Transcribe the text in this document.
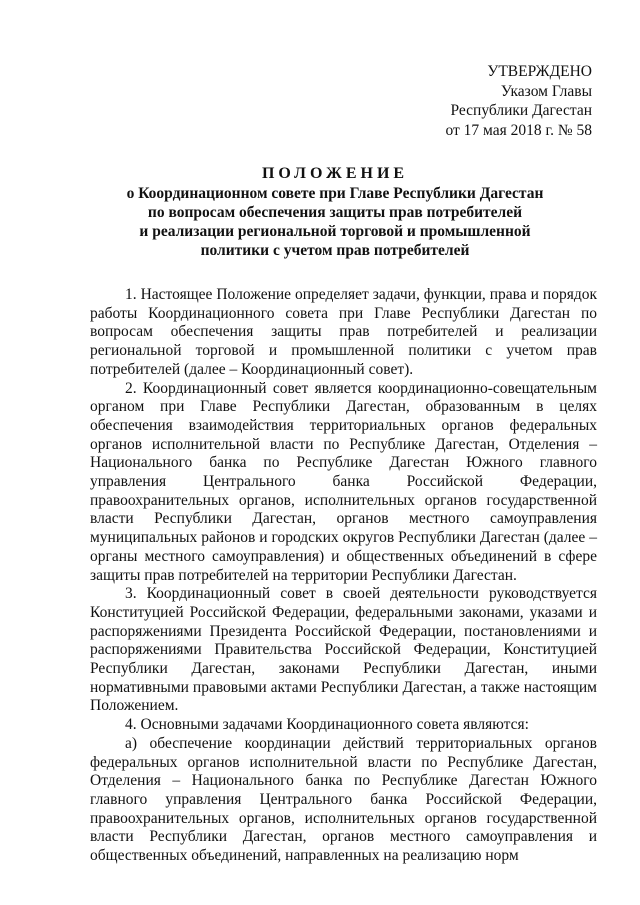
УТВЕРЖДЕНО
Указом Главы
Республики Дагестан
от 17 мая 2018 г. № 58
ПОЛОЖЕНИЕ
о Координационном совете при Главе Республики Дагестан
по вопросам обеспечения защиты прав потребителей
и реализации региональной торговой и промышленной
политики с учетом прав потребителей

1. Настоящее Положение определяет задачи, функции, права и порядок работы Координационного совета при Главе Республики Дагестан по вопросам обеспечения защиты прав потребителей и реализации региональной торговой и промышленной политики с учетом прав потребителей (далее – Координационный совет).

2. Координационный совет является координационно-совещательным органом при Главе Республики Дагестан, образованным в целях обеспечения взаимодействия территориальных органов федеральных органов исполнительной власти по Республике Дагестан, Отделения – Национального банка по Республике Дагестан Южного главного управления Центрального банка Российской Федерации, правоохранительных органов, исполнительных органов государственной власти Республики Дагестан, органов местного самоуправления муниципальных районов и городских округов Республики Дагестан (далее – органы местного самоуправления) и общественных объединений в сфере защиты прав потребителей на территории Республики Дагестан.

3. Координационный совет в своей деятельности руководствуется Конституцией Российской Федерации, федеральными законами, указами и распоряжениями Президента Российской Федерации, постановлениями и распоряжениями Правительства Российской Федерации, Конституцией Республики Дагестан, законами Республики Дагестан, иными нормативными правовыми актами Республики Дагестан, а также настоящим Положением.

4. Основными задачами Координационного совета являются:

а) обеспечение координации действий территориальных органов федеральных органов исполнительной власти по Республике Дагестан, Отделения – Национального банка по Республике Дагестан Южного главного управления Центрального банка Российской Федерации, правоохранительных органов, исполнительных органов государственной власти Республики Дагестан, органов местного самоуправления и общественных объединений, направленных на реализацию норм
